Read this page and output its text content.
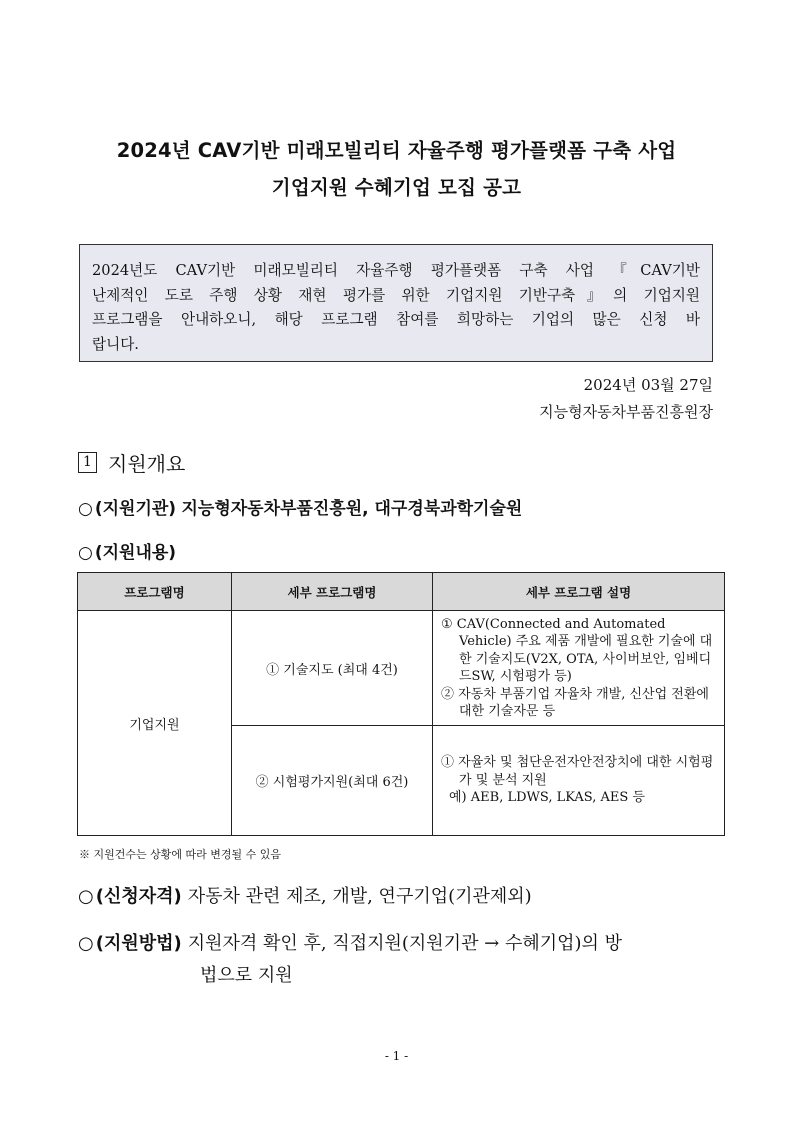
2024년 CAV기반 미래모빌리티 자율주행 평가플랫폼 구축 사업
기업지원 수혜기업 모집 공고
2024년도 CAV기반 미래모빌리티 자율주행 평가플랫폼 구축 사업 『CAV기반
난제적인 도로 주행 상황 재현 평가를 위한 기업지원 기반구축』의 기업지원
프로그램을 안내하오니, 해당 프로그램 참여를 희망하는 기업의 많은 신청 바
랍니다.
2024년 03월 27일
지능형자동차부품진흥원장
1 지원개요
○ (지원기관) 지능형자동차부품진흥원, 대구경북과학기술원
○ (지원내용)
프로그램명	세부 프로그램명	세부 프로그램 설명
기업지원	① 기술지도 (최대 4건)	① CAV(Connected and Automated Vehicle) 주요 제품 개발에 필요한 기술에 대한 기술지도(V2X, OTA, 사이버보안, 임베디드SW, 시험평가 등)
② 자동차 부품기업 자율차 개발, 신산업 전환에 대한 기술자문 등

	② 시험평가지원(최대 6건)	① 자율차 및 첨단운전자안전장치에 대한 시험평가 및 분석 지원
예) AEB, LDWS, LKAS, AES 등
※ 지원건수는 상황에 따라 변경될 수 있음
○ (신청자격) 자동차 관련 제조, 개발, 연구기업(기관제외)
○ (지원방법) 지원자격 확인 후, 직접지원(지원기관 → 수혜기업)의 방
법으로 지원
- 1 -
